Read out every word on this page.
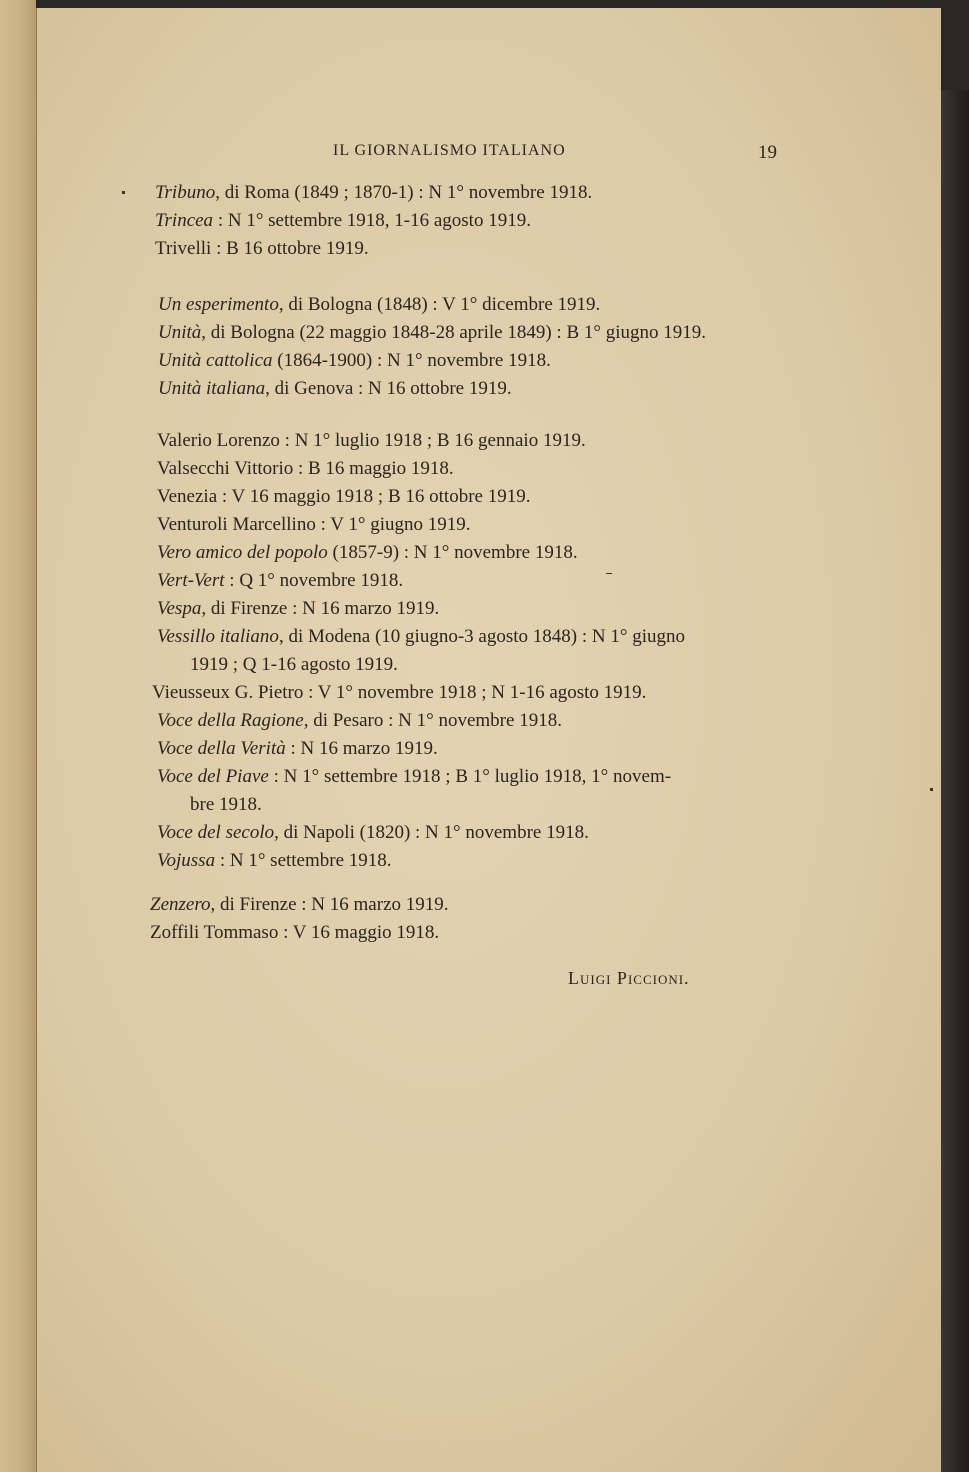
IL GIORNALISMO ITALIANO	19
Tribuno, di Roma (1849 ; 1870-1) : N 1° novembre 1918.
Trincea : N 1° settembre 1918, 1-16 agosto 1919.
Trivelli : B 16 ottobre 1919.
Un esperimento, di Bologna (1848) : V 1° dicembre 1919.
Unità, di Bologna (22 maggio 1848-28 aprile 1849) : B 1° giugno 1919.
Unità cattolica (1864-1900) : N 1° novembre 1918.
Unità italiana, di Genova : N 16 ottobre 1919.
Valerio Lorenzo : N 1° luglio 1918 ; B 16 gennaio 1919.
Valsecchi Vittorio : B 16 maggio 1918.
Venezia : V 16 maggio 1918 ; B 16 ottobre 1919.
Venturoli Marcellino : V 1° giugno 1919.
Vero amico del popolo (1857-9) : N 1° novembre 1918.
Vert-Vert : Q 1° novembre 1918.
Vespa, di Firenze : N 16 marzo 1919.
Vessillo italiano, di Modena (10 giugno-3 agosto 1848) : N 1° giugno
1919 ; Q 1-16 agosto 1919.
Vieusseux G. Pietro : V 1° novembre 1918 ; N 1-16 agosto 1919.
Voce della Ragione, di Pesaro : N 1° novembre 1918.
Voce della Verità : N 16 marzo 1919.
Voce del Piave : N 1° settembre 1918 ; B 1° luglio 1918, 1° novem-
bre 1918.
Voce del secolo, di Napoli (1820) : N 1° novembre 1918.
Vojussa : N 1° settembre 1918.
Zenzero, di Firenze : N 16 marzo 1919.
Zoffili Tommaso : V 16 maggio 1918.
Luigi Piccioni.
